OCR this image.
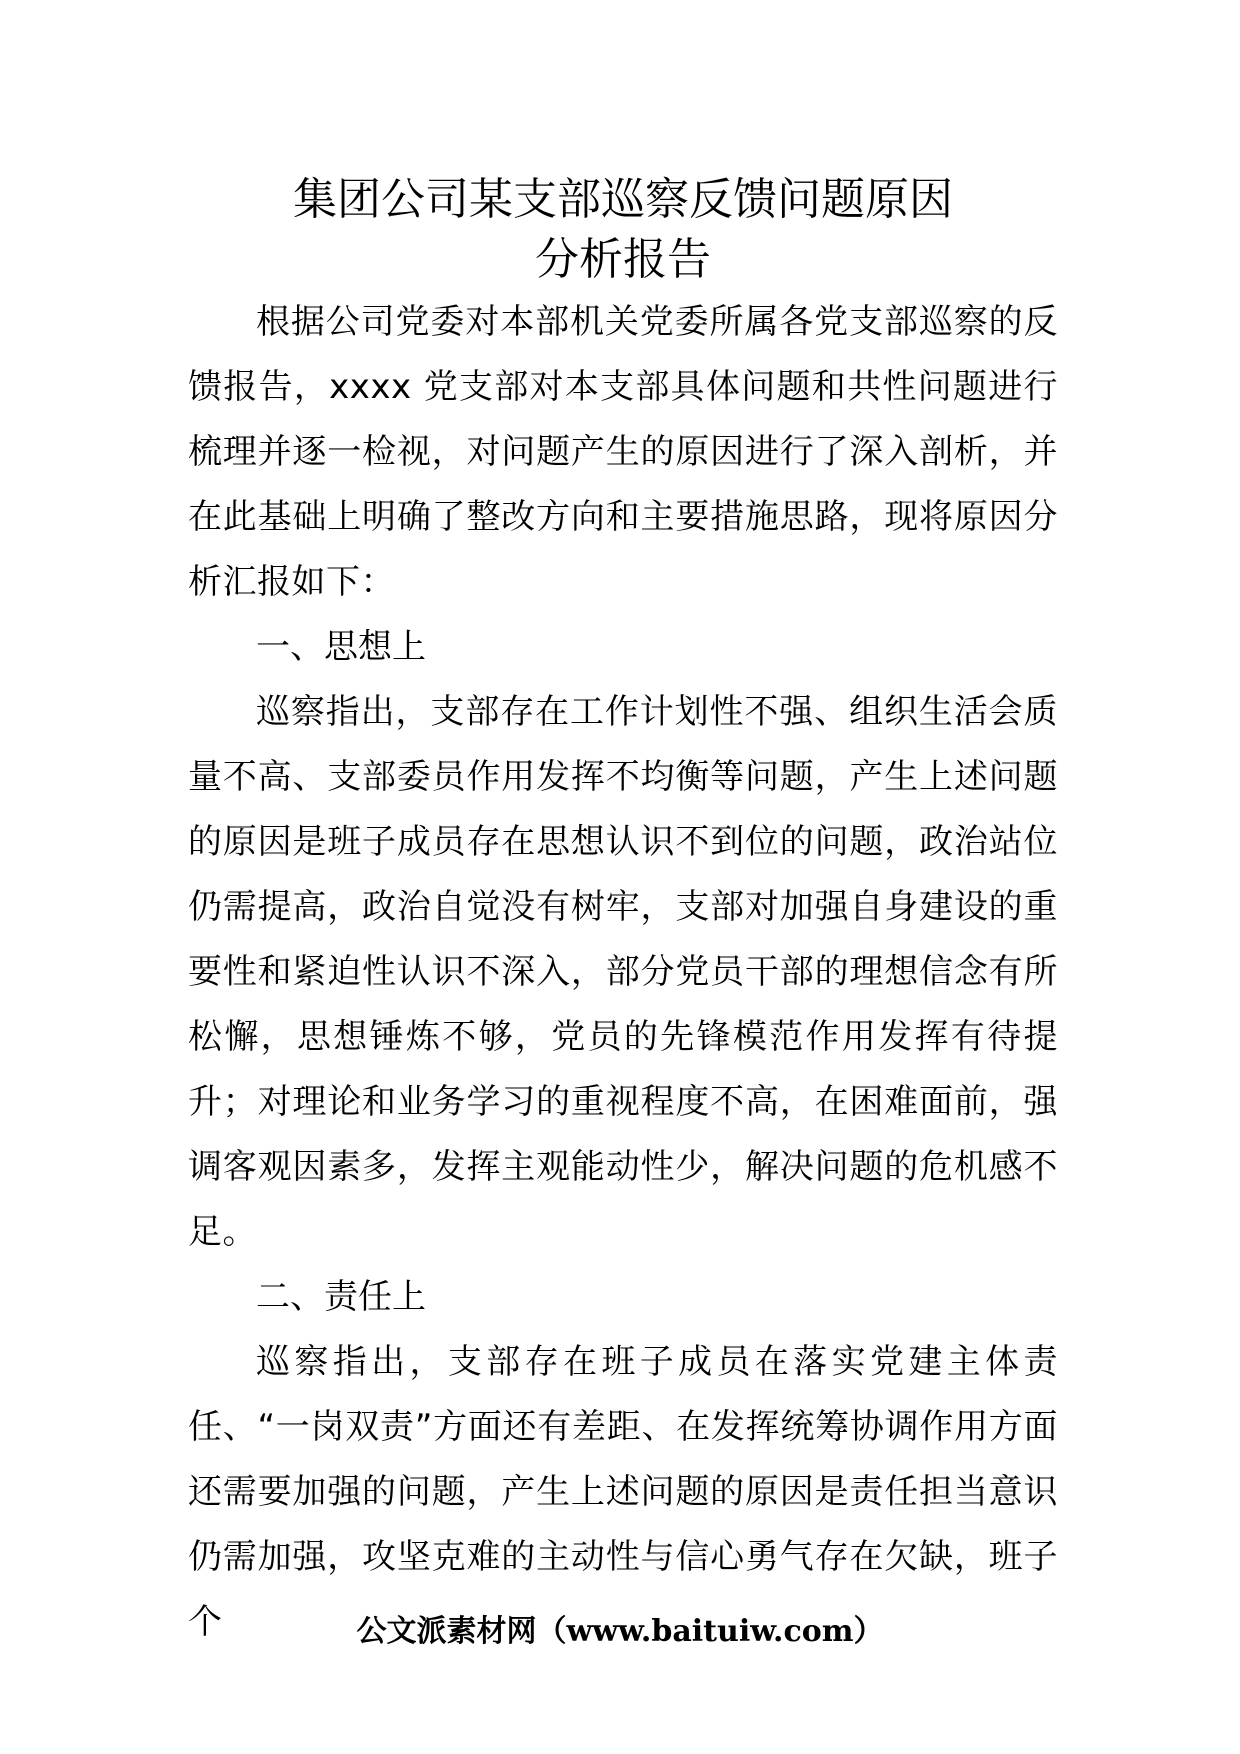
集团公司某支部巡察反馈问题原因
分析报告

根据公司党委对本部机关党委所属各党支部巡察的反馈报告，xxxx 党支部对本支部具体问题和共性问题进行梳理并逐一检视，对问题产生的原因进行了深入剖析，并在此基础上明确了整改方向和主要措施思路，现将原因分析汇报如下：

一、思想上

巡察指出，支部存在工作计划性不强、组织生活会质量不高、支部委员作用发挥不均衡等问题，产生上述问题的原因是班子成员存在思想认识不到位的问题，政治站位仍需提高，政治自觉没有树牢，支部对加强自身建设的重要性和紧迫性认识不深入，部分党员干部的理想信念有所松懈，思想锤炼不够，党员的先锋模范作用发挥有待提升；对理论和业务学习的重视程度不高，在困难面前，强调客观因素多，发挥主观能动性少，解决问题的危机感不足。

二、责任上

巡察指出，支部存在班子成员在落实党建主体责任、“一岗双责”方面还有差距、在发挥统筹协调作用方面还需要加强的问题，产生上述问题的原因是责任担当意识仍需加强，攻坚克难的主动性与信心勇气存在欠缺，班子个	公文派素材网（www.baituiw.com）
